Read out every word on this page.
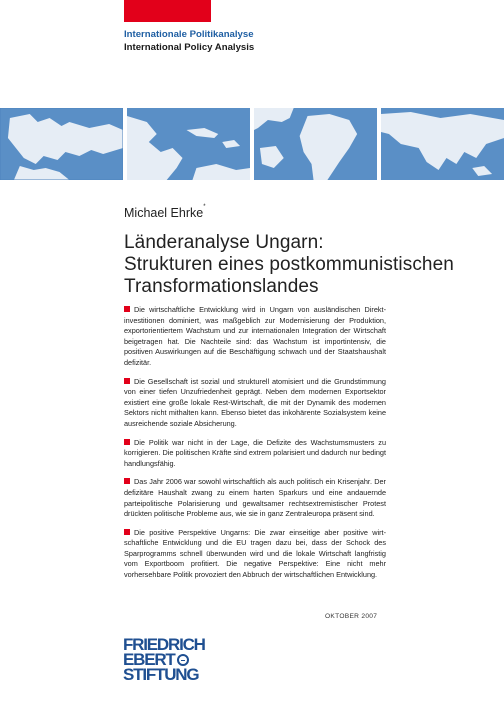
Internationale Politikanalyse
International Policy Analysis
Michael Ehrke*
Länderanalyse Ungarn:
Strukturen eines postkommunistischen
Transformationslandes

Die wirtschaftliche Entwicklung wird in Ungarn von ausländischen Direktinvestitionen dominiert, was maßgeblich zur Modernisierung der Produktion, exportorientiertem Wachstum und zur internationalen Integration der Wirtschaft beigetragen hat. Die Nachteile sind: das Wachstum ist importintensiv, die positiven Auswirkungen auf die Beschäftigung schwach und der Staatshaushalt defizitär.

Die Gesellschaft ist sozial und strukturell atomisiert und die Grundstimmung von einer tiefen Unzufriedenheit geprägt. Neben dem modernen Exportsektor existiert eine große lokale Rest-Wirtschaft, die mit der Dynamik des modernen Sektors nicht mithalten kann. Ebenso bietet das inkohärente Sozialsystem keine ausreichende soziale Absicherung.

Die Politik war nicht in der Lage, die Defizite des Wachstumsmusters zu korrigieren. Die politischen Kräfte sind extrem polarisiert und dadurch nur bedingt handlungsfähig.

Das Jahr 2006 war sowohl wirtschaftlich als auch politisch ein Krisenjahr. Der defizitäre Haushalt zwang zu einem harten Sparkurs und eine andauernde parteipolitische Polarisierung und gewaltsamer rechtsextremistischer Protest drückten politische Probleme aus, wie sie in ganz Zentraleuropa präsent sind.

Die positive Perspektive Ungarns: Die zwar einseitige aber positive wirtschaftliche Entwicklung und die EU tragen dazu bei, dass der Schock des Sparprogramms schnell überwunden wird und die lokale Wirtschaft langfristig vom Exportboom profitiert. Die negative Perspektive: Eine nicht mehr vorhersehbare Politik provoziert den Abbruch der wirtschaftlichen Entwicklung.

OKTOBER 2007
FRIEDRICH
EBERT
STIFTUNG
